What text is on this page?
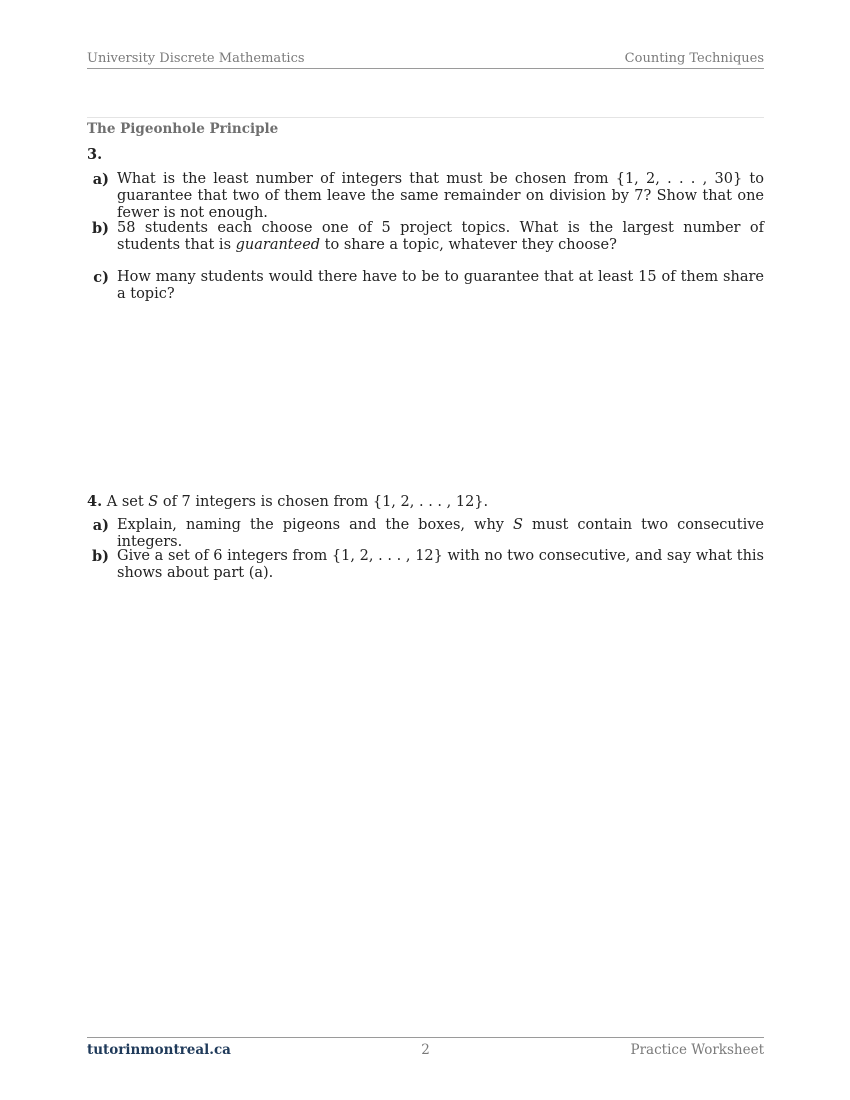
University Discrete Mathematics	Counting Techniques
The Pigeonhole Principle
3.
a) What is the least number of integers that must be chosen from {1, 2, . . . , 30} to guarantee that two of them leave the same remainder on division by 7? Show that one fewer is not enough.
b) 58 students each choose one of 5 project topics. What is the largest number of students that is guaranteed to share a topic, whatever they choose?
c) How many students would there have to be to guarantee that at least 15 of them share a topic?
4. A set S of 7 integers is chosen from {1, 2, . . . , 12}.
a) Explain, naming the pigeons and the boxes, why S must contain two consecutive integers.
b) Give a set of 6 integers from {1, 2, . . . , 12} with no two consecutive, and say what this shows about part (a).
tutorinmontreal.ca	2	Practice Worksheet
